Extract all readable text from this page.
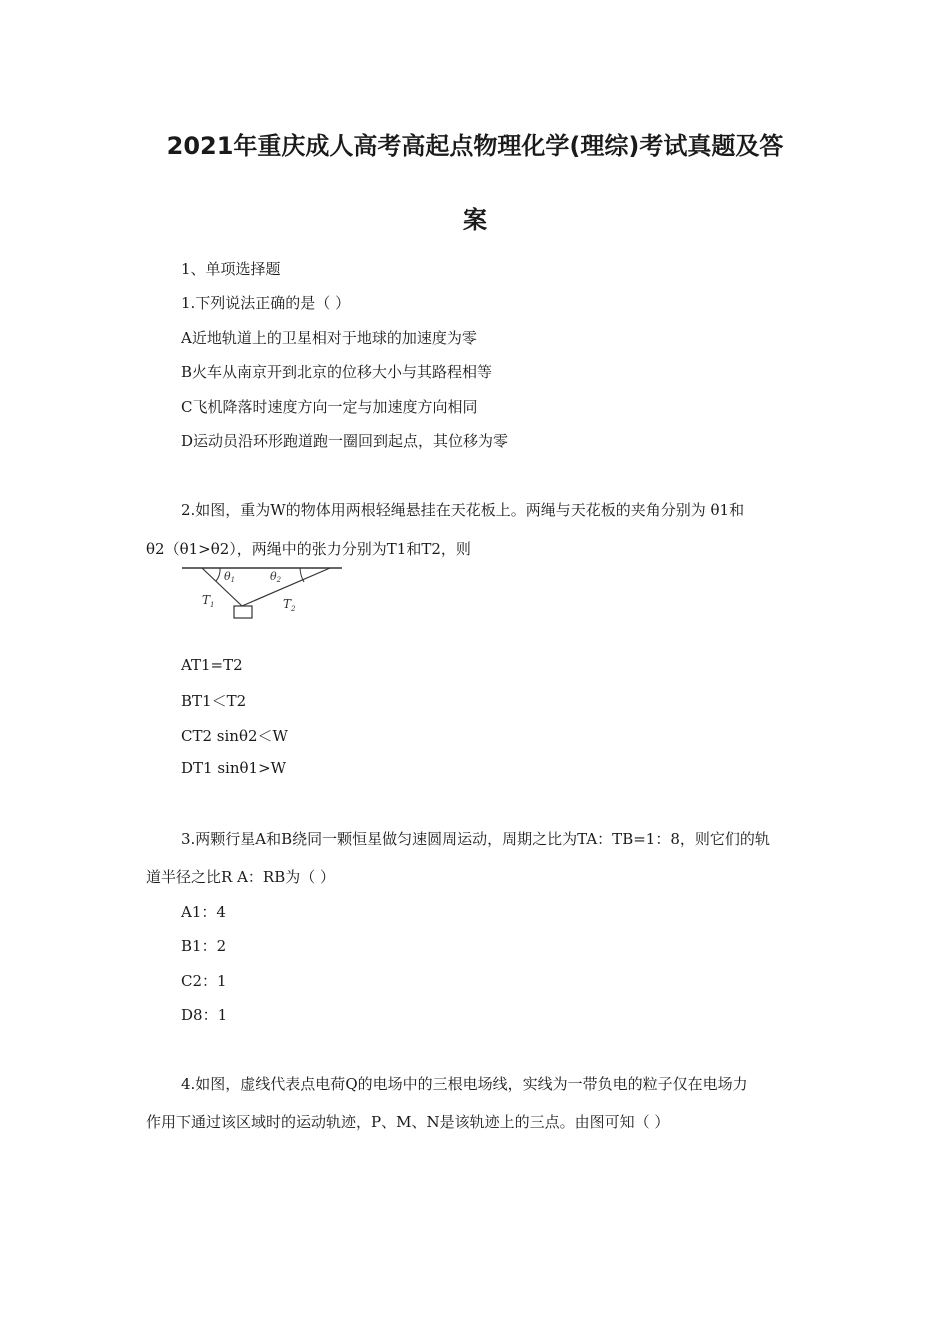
2021年重庆成人高考高起点物理化学(理综)考试真题及答
案

1、单项选择题

1.下列说法正确的是（ ）

A近地轨道上的卫星相对于地球的加速度为零

B火车从南京开到北京的位移大小与其路程相等

C飞机降落时速度方向一定与加速度方向相同

D运动员沿环形跑道跑一圈回到起点，其位移为零

2.如图，重为W的物体用两根轻绳悬挂在天花板上。两绳与天花板的夹角分别为 θ1和

θ2（θ1>θ2），两绳中的张力分别为T1和T2，则

θ1	θ2
$T_1$	$T_2$

AT1=T2

BT1＜T2

CT2 sinθ2＜W

DT1 sinθ1>W

3.两颗行星A和B绕同一颗恒星做匀速圆周运动，周期之比为TA：TB=1：8，则它们的轨

道半径之比R A：RB为（ ）

A1：4

B1：2

C2：1

D8：1

4.如图，虚线代表点电荷Q的电场中的三根电场线，实线为一带负电的粒子仅在电场力

作用下通过该区域时的运动轨迹，P、M、N是该轨迹上的三点。由图可知（ ）
